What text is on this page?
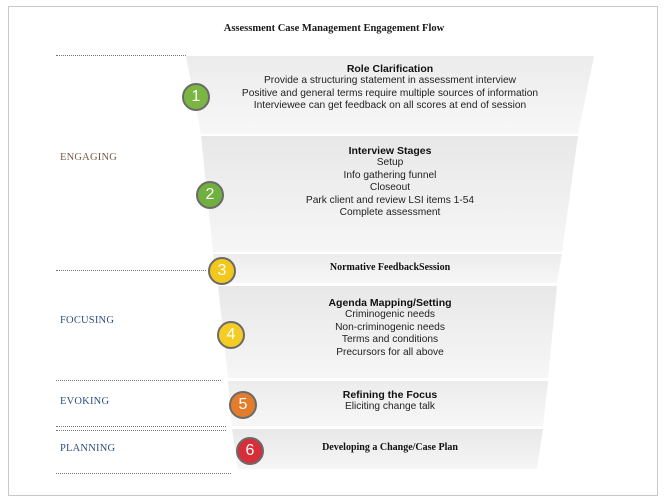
Assessment Case Management Engagement Flow
ENGAGING
FOCUSING
EVOKING
PLANNING
1
Role Clarification
Provide a structuring statement in assessment interview
Positive and general terms require multiple sources of information
Interviewee can get feedback on all scores at end of session
2
Interview Stages
Setup
Info gathering funnel
Closeout
Park client and review LSI items 1-54
Complete assessment
3	Normative FeedbackSession
4
Agenda Mapping/Setting
Criminogenic needs
Non-criminogenic needs
Terms and conditions
Precursors for all above
5
Refining the Focus
Eliciting change talk
6	Developing a Change/Case Plan
